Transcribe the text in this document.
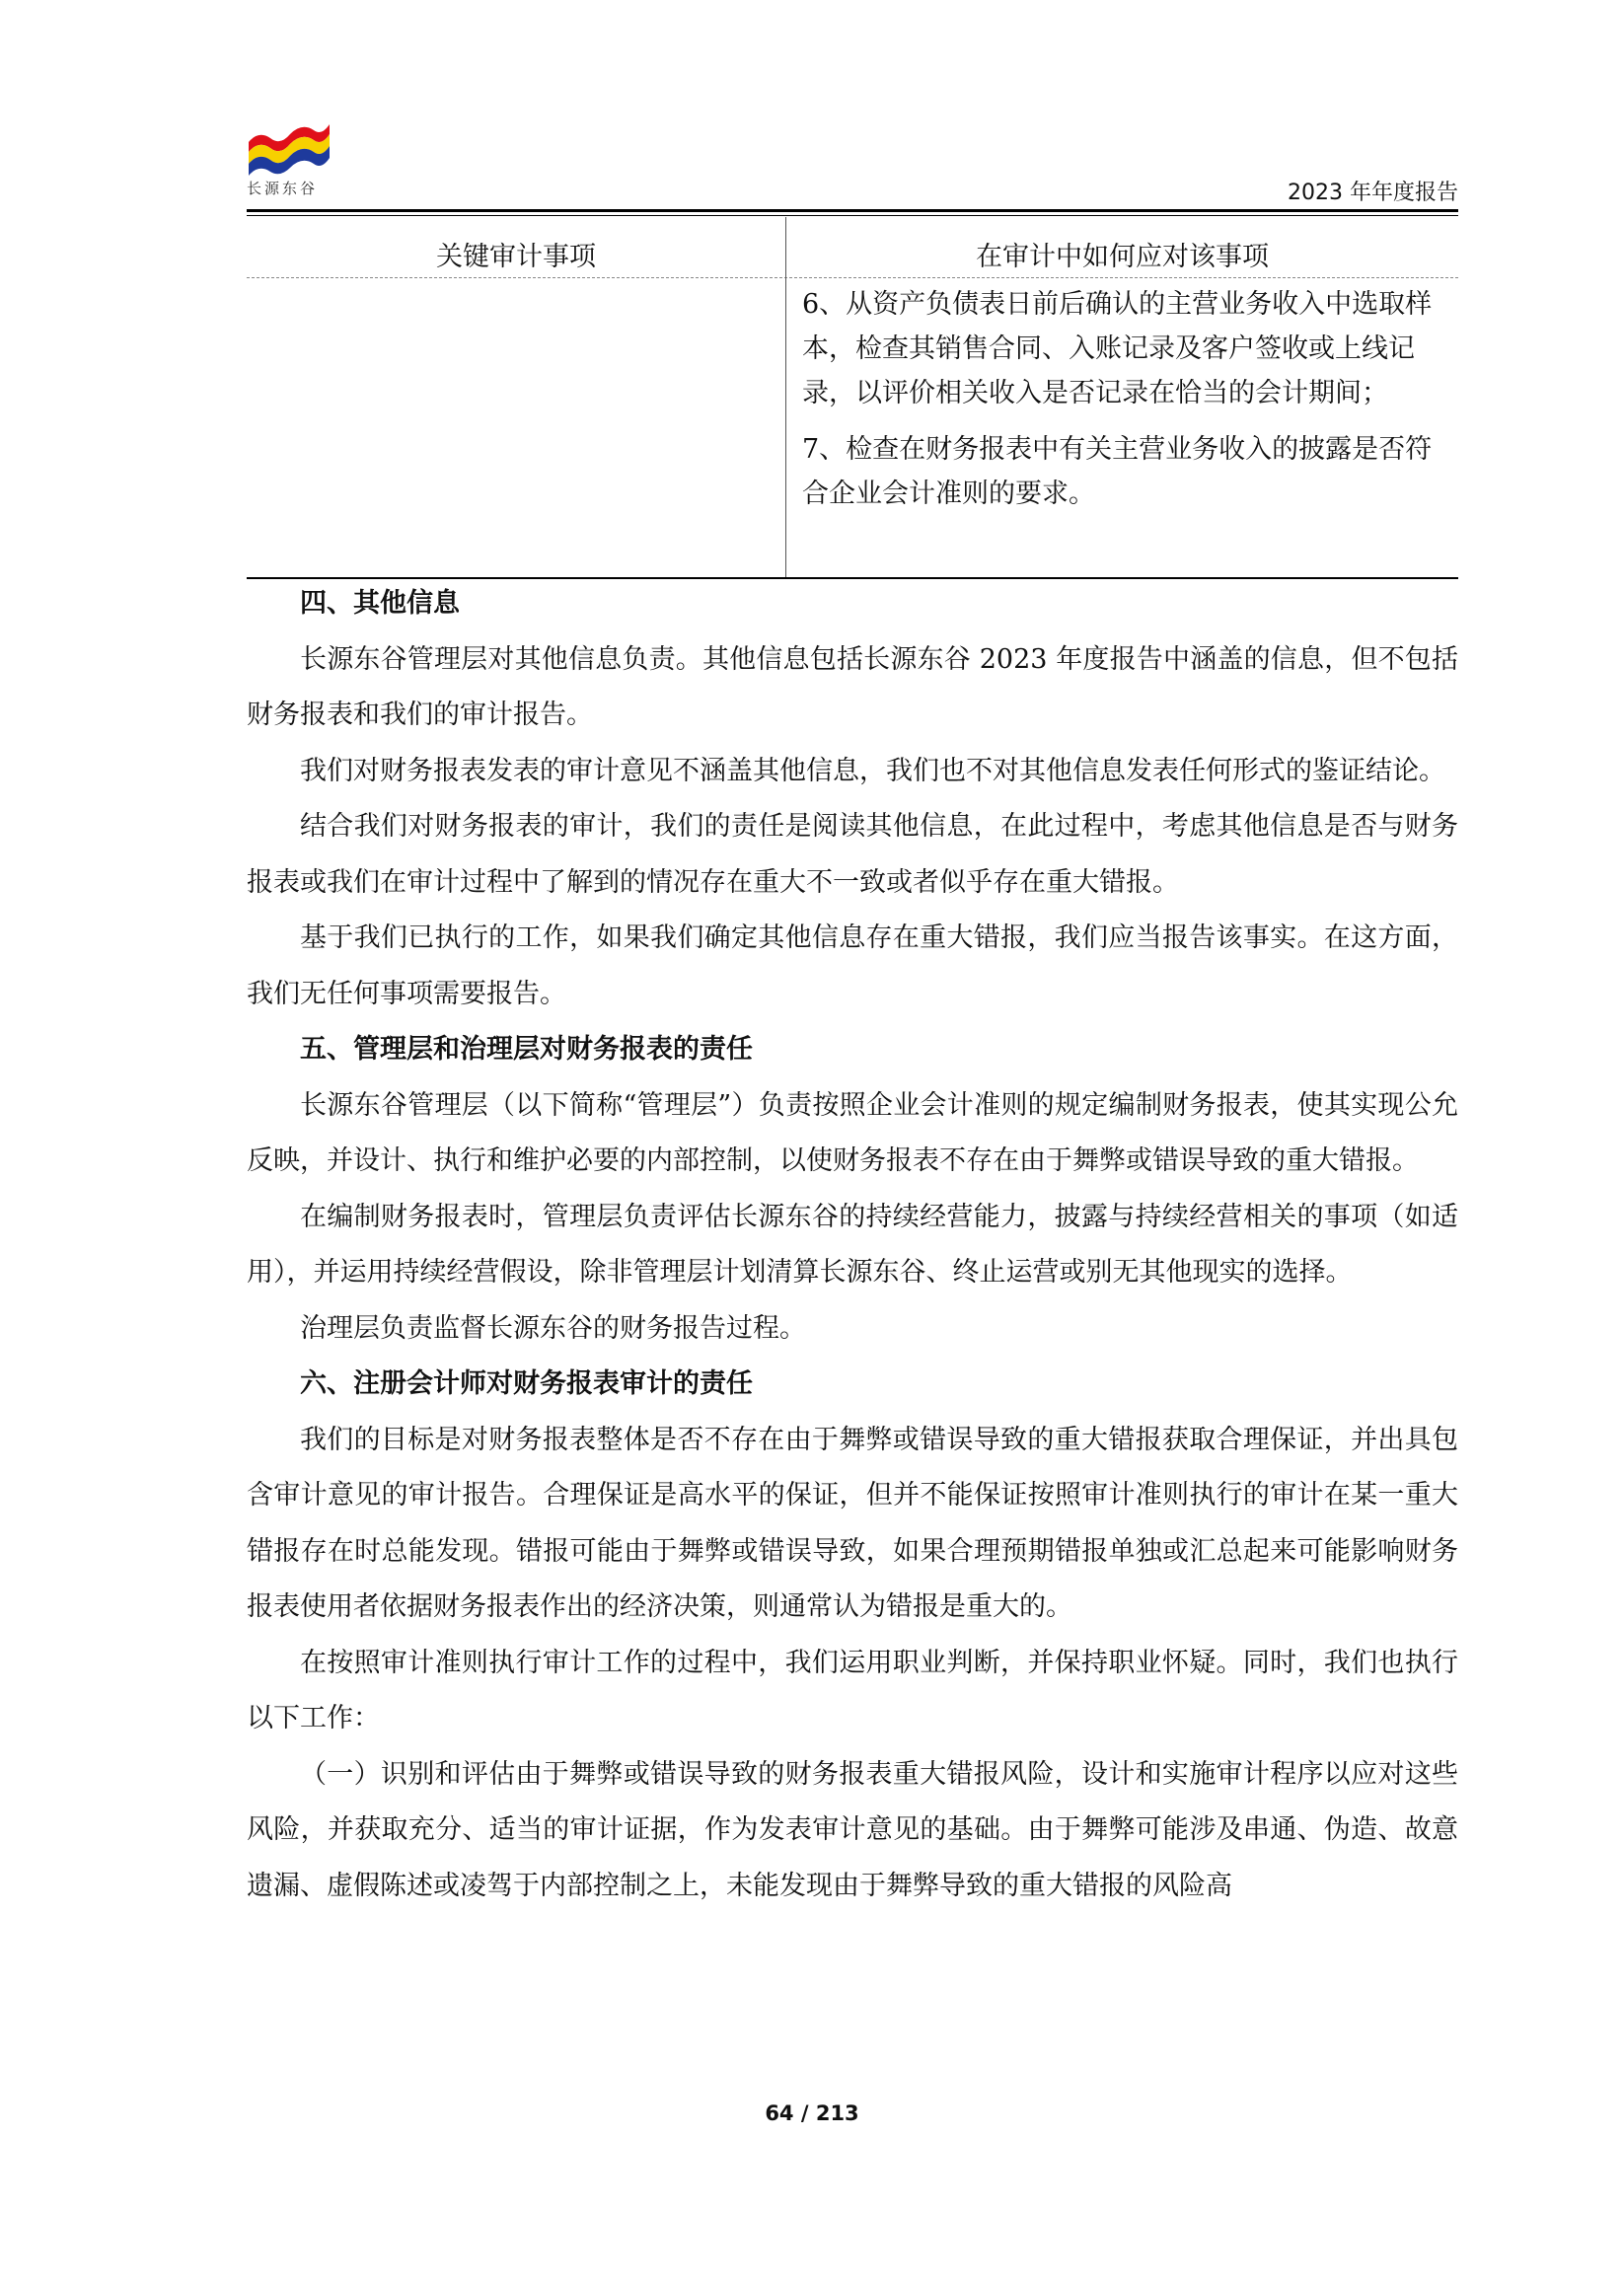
长源东谷	2023 年年度报告
关键审计事项	在审计中如何应对该事项

6、从资产负债表日前后确认的主营业务收入中选取样本，检查其销售合同、入账记录及客户签收或上线记录，以评价相关收入是否记录在恰当的会计期间；

7、检查在财务报表中有关主营业务收入的披露是否符合企业会计准则的要求。

四、其他信息

长源东谷管理层对其他信息负责。其他信息包括长源东谷 2023 年度报告中涵盖的信息，但不包括财务报表和我们的审计报告。

我们对财务报表发表的审计意见不涵盖其他信息，我们也不对其他信息发表任何形式的鉴证结论。

结合我们对财务报表的审计，我们的责任是阅读其他信息，在此过程中，考虑其他信息是否与财务报表或我们在审计过程中了解到的情况存在重大不一致或者似乎存在重大错报。

基于我们已执行的工作，如果我们确定其他信息存在重大错报，我们应当报告该事实。在这方面，我们无任何事项需要报告。

五、管理层和治理层对财务报表的责任

长源东谷管理层（以下简称“管理层”）负责按照企业会计准则的规定编制财务报表，使其实现公允反映，并设计、执行和维护必要的内部控制，以使财务报表不存在由于舞弊或错误导致的重大错报。

在编制财务报表时，管理层负责评估长源东谷的持续经营能力，披露与持续经营相关的事项（如适用），并运用持续经营假设，除非管理层计划清算长源东谷、终止运营或别无其他现实的选择。

治理层负责监督长源东谷的财务报告过程。

六、注册会计师对财务报表审计的责任

我们的目标是对财务报表整体是否不存在由于舞弊或错误导致的重大错报获取合理保证，并出具包含审计意见的审计报告。合理保证是高水平的保证，但并不能保证按照审计准则执行的审计在某一重大错报存在时总能发现。错报可能由于舞弊或错误导致，如果合理预期错报单独或汇总起来可能影响财务报表使用者依据财务报表作出的经济决策，则通常认为错报是重大的。

在按照审计准则执行审计工作的过程中，我们运用职业判断，并保持职业怀疑。同时，我们也执行以下工作：

（一）识别和评估由于舞弊或错误导致的财务报表重大错报风险，设计和实施审计程序以应对这些风险，并获取充分、适当的审计证据，作为发表审计意见的基础。由于舞弊可能涉及串通、伪造、故意遗漏、虚假陈述或凌驾于内部控制之上，未能发现由于舞弊导致的重大错报的风险高

64 / 213
